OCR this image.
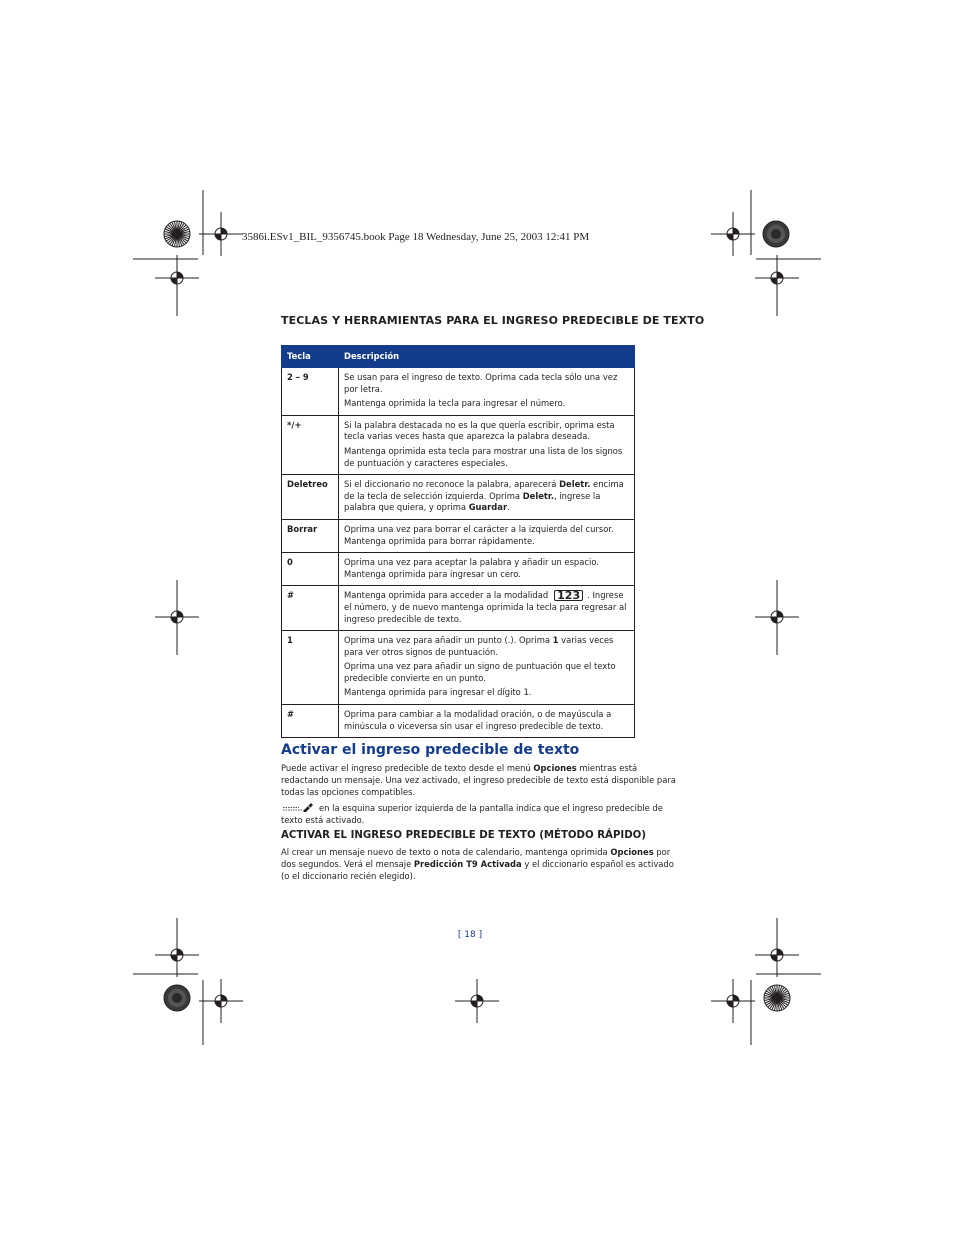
3586i.ESv1_BIL_9356745.book Page 18 Wednesday, June 25, 2003 12:41 PM
TECLAS Y HERRAMIENTAS PARA EL INGRESO PREDECIBLE DE TEXTO
Tecla	Descripción
2 – 9	Se usan para el ingreso de texto. Oprima cada tecla sólo una vez por letra.

Mantenga oprimida la tecla para ingresar el número.

*/+	Si la palabra destacada no es la que quería escribir, oprima esta tecla varias veces hasta que aparezca la palabra deseada.

Mantenga oprimida esta tecla para mostrar una lista de los signos de puntuación y caracteres especiales.

Deletreo	Si el diccionario no reconoce la palabra, aparecerá Deletr. encima de la tecla de selección izquierda. Oprima Deletr., ingrese la palabra que quiera, y oprima Guardar.

Borrar	Oprima una vez para borrar el carácter a la izquierda del cursor. Mantenga oprimida para borrar rápidamente.

0	Oprima una vez para aceptar la palabra y añadir un espacio. Mantenga oprimida para ingresar un cero.

#	Mantenga oprimida para acceder a la modalidad 123 . Ingrese el número, y de nuevo mantenga oprimida la tecla para regresar al ingreso predecible de texto.

1	Oprima una vez para añadir un punto (.). Oprima 1 varias veces para ver otros signos de puntuación.

Oprima una vez para añadir un signo de puntuación que el texto predecible convierte en un punto.

Mantenga oprimida para ingresar el dígito 1.

#	Oprima para cambiar a la modalidad oración, o de mayúscula a minúscula o viceversa sin usar el ingreso predecible de texto.

Activar el ingreso predecible de texto

Puede activar el ingreso predecible de texto desde el menú Opciones mientras está redactando un mensaje. Una vez activado, el ingreso predecible de texto está disponible para todas las opciones compatibles.

en la esquina superior izquierda de la pantalla indica que el ingreso predecible de texto está activado.

ACTIVAR EL INGRESO PREDECIBLE DE TEXTO (MÉTODO RÁPIDO)

Al crear un mensaje nuevo de texto o nota de calendario, mantenga oprimida Opciones por dos segundos. Verá el mensaje Predicción T9 Activada y el diccionario español es activado (o el diccionario recién elegido).

[ 18 ]
